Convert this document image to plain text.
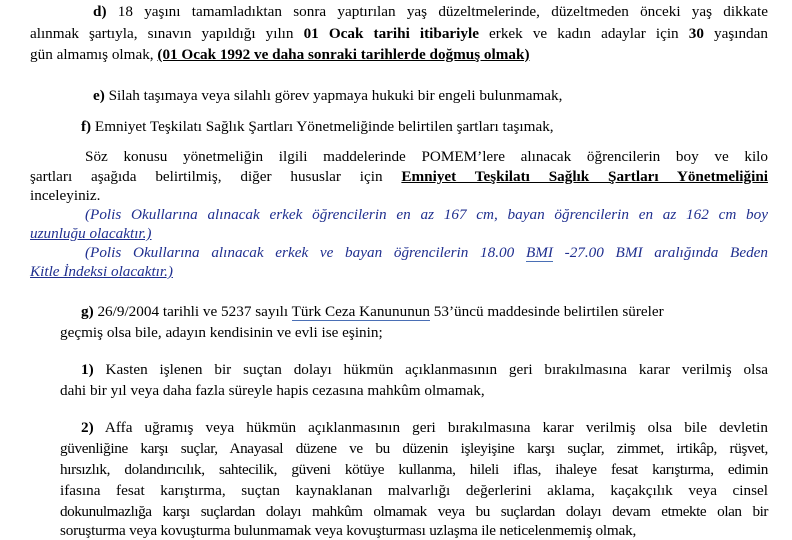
d) 18 yaşını tamamladıktan sonra yaptırılan yaş düzeltmelerinde, düzeltmeden önceki yaş dikkate
alınmak şartıyla, sınavın yapıldığı yılın 01 Ocak tarihi itibariyle erkek ve kadın adaylar için 30 yaşından
gün almamış olmak, (01 Ocak 1992 ve daha sonraki tarihlerde doğmuş olmak)
e) Silah taşımaya veya silahlı görev yapmaya hukuki bir engeli bulunmamak,
f) Emniyet Teşkilatı Sağlık Şartları Yönetmeliğinde belirtilen şartları taşımak,
Söz konusu yönetmeliğin ilgili maddelerinde POMEM’lere alınacak öğrencilerin boy ve kilo
şartları aşağıda belirtilmiş, diğer hususlar için Emniyet Teşkilatı Sağlık Şartları Yönetmeliğini
inceleyiniz.
(Polis Okullarına alınacak erkek öğrencilerin en az 167 cm, bayan öğrencilerin en az 162 cm boy
uzunluğu olacaktır.)
(Polis Okullarına alınacak erkek ve bayan öğrencilerin 18.00 BMI -27.00 BMI aralığında Beden
Kitle İndeksi olacaktır.)
g) 26/9/2004 tarihli ve 5237 sayılı Türk Ceza Kanununun 53’üncü maddesinde belirtilen süreler
geçmiş olsa bile, adayın kendisinin ve evli ise eşinin;
1) Kasten işlenen bir suçtan dolayı hükmün açıklanmasının geri bırakılmasına karar verilmiş olsa
dahi bir yıl veya daha fazla süreyle hapis cezasına mahkûm olmamak,
2) Affa uğramış veya hükmün açıklanmasının geri bırakılmasına karar verilmiş olsa bile devletin
güvenliğine karşı suçlar, Anayasal düzene ve bu düzenin işleyişine karşı suçlar, zimmet, irtikâp, rüşvet,
hırsızlık, dolandırıcılık, sahtecilik, güveni kötüye kullanma, hileli iflas, ihaleye fesat karıştırma, edimin
ifasına fesat karıştırma, suçtan kaynaklanan malvarlığı değerlerini aklama, kaçakçılık veya cinsel
dokunulmazlığa karşı suçlardan dolayı mahkûm olmamak veya bu suçlardan dolayı devam etmekte olan bir
soruşturma veya kovuşturma bulunmamak veya kovuşturması uzlaşma ile neticelenmemiş olmak,
